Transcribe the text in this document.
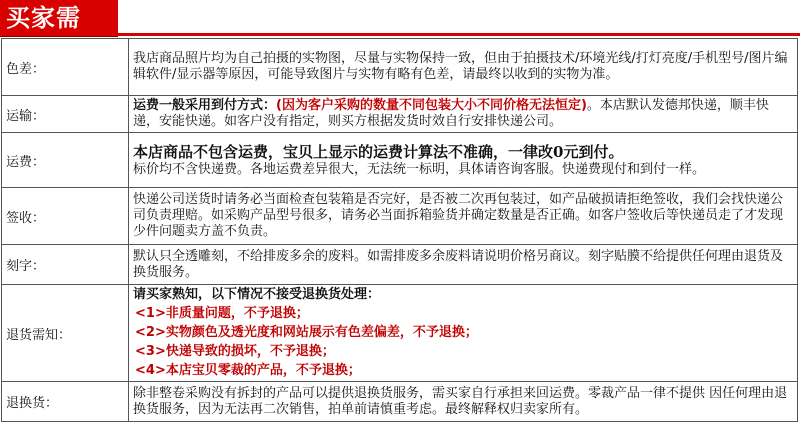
买家需知：
色差：	我店商品照片均为自己拍摄的实物图，尽量与实物保持一致，但由于拍摄技术/环境光线/打灯亮度/手机型号/图片编辑软件/显示器等原因，可能导致图片与实物有略有色差，请最终以收到的实物为准。
运输：	运费一般采用到付方式：(因为客户采购的数量不同包装大小不同价格无法恒定)。本店默认发德邦快递，顺丰快递，安能快递。如客户没有指定，则买方根据发货时效自行安排快递公司。
运费：	本店商品不包含运费，宝贝上显示的运费计算法不准确，一律改0元到付。
标价均不含快递费。各地运费差异很大，无法统一标明，具体请咨询客服。快递费现付和到付一样。
签收：	快递公司送货时请务必当面检查包装箱是否完好，是否被二次再包装过，如产品破损请拒绝签收，我们会找快递公司负责理赔。如采购产品型号很多，请务必当面拆箱验货并确定数量是否正确。如客户签收后等快递员走了才发现少件问题卖方盖不负责。
刻字：	默认只全透雕刻，不给排废多余的废料。如需排废多余废料请说明价格另商议。刻字贴膜不给提供任何理由退货及换货服务。
退货需知：	请买家熟知，以下情况不接受退换货处理：
<1>非质量问题，不予退换；
<2>实物颜色及透光度和网站展示有色差偏差，不予退换；
<3>快递导致的损坏，不予退换；
<4>本店宝贝零裁的产品，不予退换；

退换货：	除非整卷采购没有拆封的产品可以提供退换货服务，需买家自行承担来回运费。零裁产品一律不提供 因任何理由退换货服务，因为无法再二次销售，拍单前请慎重考虑。最终解释权归卖家所有。
